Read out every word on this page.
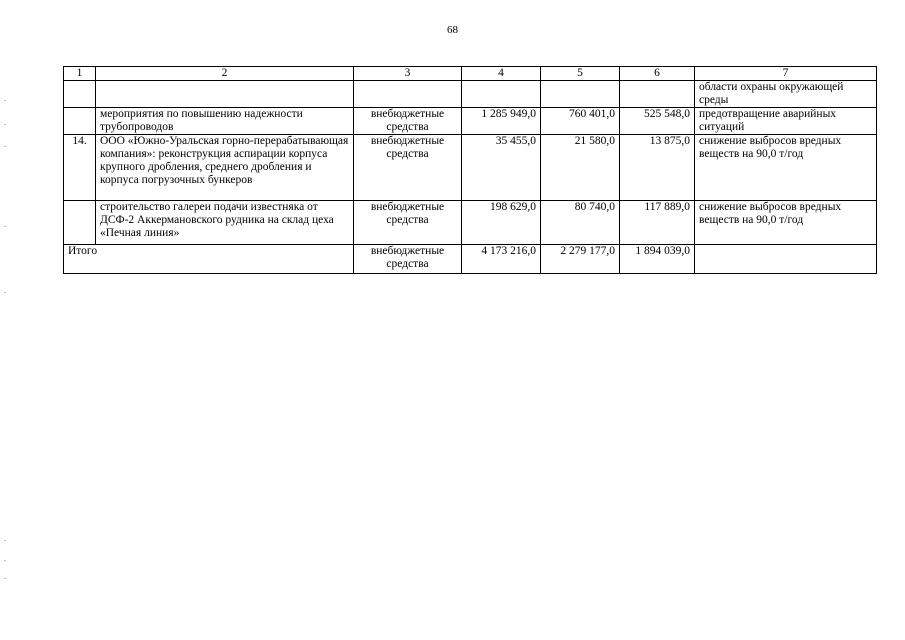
68
1	2	3	4	5	6	7
						области охраны окружающей среды
	мероприятия по повышению надежности трубопроводов	внебюджетные средства	1 285 949,0	760 401,0	525 548,0	предотвращение аварийных ситуаций
14.	ООО «Южно-Уральская горно-перерабатывающая компания»: реконструкция аспирации корпуса крупного дробления, среднего дробления и корпуса погрузочных бункеров	внебюджетные средства	35 455,0	21 580,0	13 875,0	снижение выбросов вредных веществ на 90,0 т/год
	строительство галереи подачи известняка от ДСФ-2 Аккермановского рудника на склад цеха «Печная линия»	внебюджетные средства	198 629,0	80 740,0	117 889,0	снижение выбросов вредных веществ на 90,0 т/год
Итого		внебюджетные средства	4 173 216,0	2 279 177,0	1 894 039,0	
